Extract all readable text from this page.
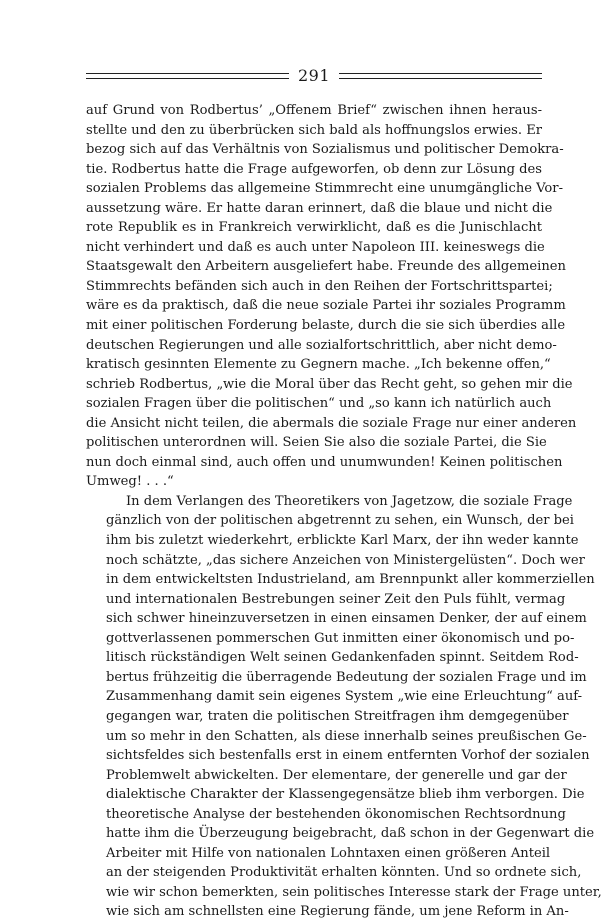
291
auf Grund von Rodbertus’ „Offenem Brief“ zwischen ihnen heraus-
stellte und den zu überbrücken sich bald als hoffnungslos erwies. Er
bezog sich auf das Verhältnis von Sozialismus und politischer Demokra-
tie. Rodbertus hatte die Frage aufgeworfen, ob denn zur Lösung des
sozialen Problems das allgemeine Stimmrecht eine unumgängliche Vor-
aussetzung wäre. Er hatte daran erinnert, daß die blaue und nicht die
rote Republik es in Frankreich verwirklicht, daß es die Junischlacht
nicht verhindert und daß es auch unter Napoleon III. keineswegs die
Staatsgewalt den Arbeitern ausgeliefert habe. Freunde des allgemeinen
Stimmrechts befänden sich auch in den Reihen der Fortschrittspartei;
wäre es da praktisch, daß die neue soziale Partei ihr soziales Programm
mit einer politischen Forderung belaste, durch die sie sich überdies alle
deutschen Regierungen und alle sozialfortschrittlich, aber nicht demo-
kratisch gesinnten Elemente zu Gegnern mache. „Ich bekenne offen,“
schrieb Rodbertus, „wie die Moral über das Recht geht, so gehen mir die
sozialen Fragen über die politischen“ und „so kann ich natürlich auch
die Ansicht nicht teilen, die abermals die soziale Frage nur einer anderen
politischen unterordnen will. Seien Sie also die soziale Partei, die Sie
nun doch einmal sind, auch offen und unumwunden! Keinen politischen
Umweg! . . .“
In dem Verlangen des Theoretikers von Jagetzow, die soziale Frage
gänzlich von der politischen abgetrennt zu sehen, ein Wunsch, der bei
ihm bis zuletzt wiederkehrt, erblickte Karl Marx, der ihn weder kannte
noch schätzte, „das sichere Anzeichen von Ministergelüsten“. Doch wer
in dem entwickeltsten Industrieland, am Brennpunkt aller kommerziellen
und internationalen Bestrebungen seiner Zeit den Puls fühlt, vermag
sich schwer hineinzuversetzen in einen einsamen Denker, der auf einem
gottverlassenen pommerschen Gut inmitten einer ökonomisch und po-
litisch rückständigen Welt seinen Gedankenfaden spinnt. Seitdem Rod-
bertus frühzeitig die überragende Bedeutung der sozialen Frage und im
Zusammenhang damit sein eigenes System „wie eine Erleuchtung“ auf-
gegangen war, traten die politischen Streitfragen ihm demgegenüber
um so mehr in den Schatten, als diese innerhalb seines preußischen Ge-
sichtsfeldes sich bestenfalls erst in einem entfernten Vorhof der sozialen
Problemwelt abwickelten. Der elementare, der generelle und gar der
dialektische Charakter der Klassengegensätze blieb ihm verborgen. Die
theoretische Analyse der bestehenden ökonomischen Rechtsordnung
hatte ihm die Überzeugung beigebracht, daß schon in der Gegenwart die
Arbeiter mit Hilfe von nationalen Lohntaxen einen größeren Anteil
an der steigenden Produktivität erhalten könnten. Und so ordnete sich,
wie wir schon bemerkten, sein politisches Interesse stark der Frage unter,
wie sich am schnellsten eine Regierung fände, um jene Reform in An-
